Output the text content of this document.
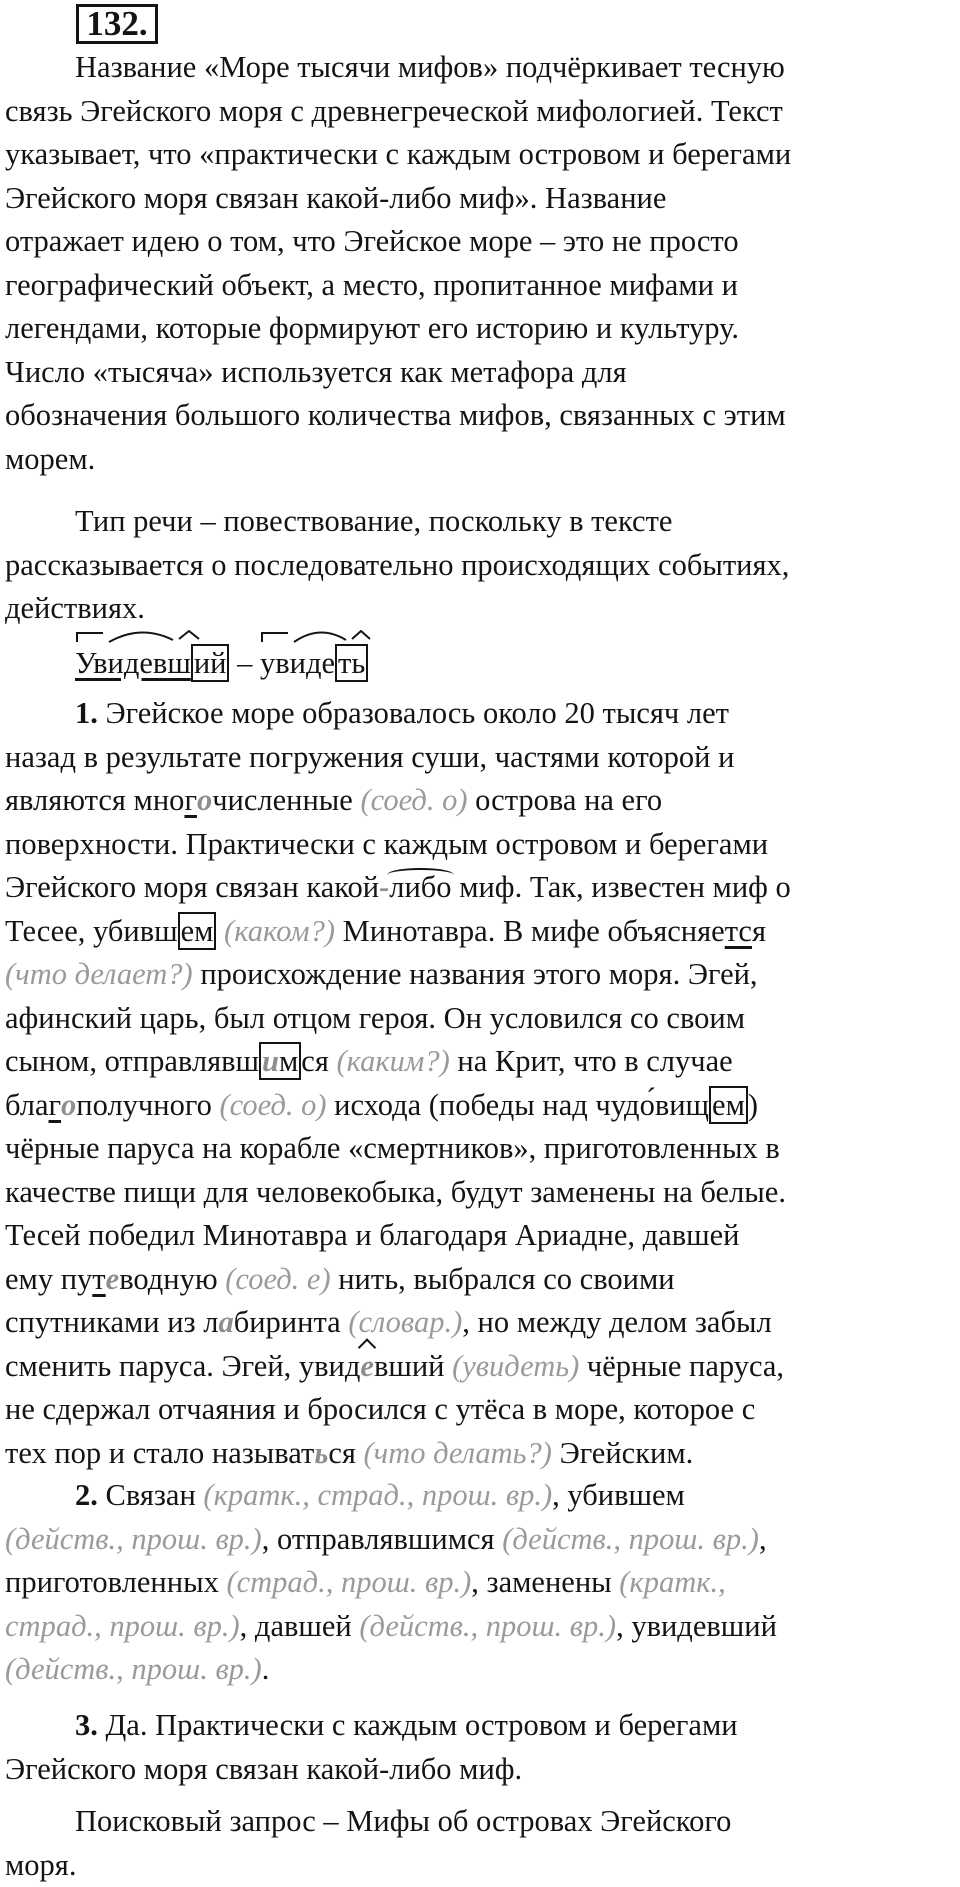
132.
Название «Море тысячи мифов» подчёркивает тесную
связь Эгейского моря с древнегреческой мифологией. Текст
указывает, что «практически с каждым островом и берегами
Эгейского моря связан какой-либо миф». Название
отражает идею о том, что Эгейское море – это не просто
географический объект, а место, пропитанное мифами и
легендами, которые формируют его историю и культуру.
Число «тысяча» используется как метафора для
обозначения большого количества мифов, связанных с этим
морем.
Тип речи – повествование, поскольку в тексте
рассказывается о последовательно происходящих событиях,
действиях.
Увидевший –
увидеть
1. Эгейское море образовалось около 20 тысяч лет
назад в результате погружения суши, частями которой и
являются многочисленные (соед. о) острова на его
поверхности. Практически с каждым островом и берегами
Эгейского моря связан какой-либо миф. Так, известен миф о
Тесее, убившем (каком?) Минотавра. В мифе объясняется
(что делает?) происхождение названия этого моря. Эгей,
афинский царь, был отцом героя. Он условился со своим
сыном, отправлявшимся (каким?) на Крит, что в случае
благополучного (соед. о) исхода (победы над чудо́вищем)
чёрные паруса на корабле «смертников», приготовленных в
качестве пищи для человекобыка, будут заменены на белые.
Тесей победил Минотавра и благодаря Ариадне, давшей
ему путеводную (соед. е) нить, выбрался со своими
спутниками из лабиринта (словар.), но между делом забыл
сменить паруса. Эгей, увидевший (увидеть) чёрные паруса,
не сдержал отчаяния и бросился с утёса в море, которое с
тех пор и стало называться (что делать?) Эгейским.
2. Связан (кратк., страд., прош. вр.), убившем
(действ., прош. вр.), отправлявшимся (действ., прош. вр.),
приготовленных (страд., прош. вр.), заменены (кратк.,
страд., прош. вр.), давшей (действ., прош. вр.), увидевший
(действ., прош. вр.).
3. Да. Практически с каждым островом и берегами
Эгейского моря связан какой-либо миф.
Поисковый запрос – Мифы об островах Эгейского
моря.
